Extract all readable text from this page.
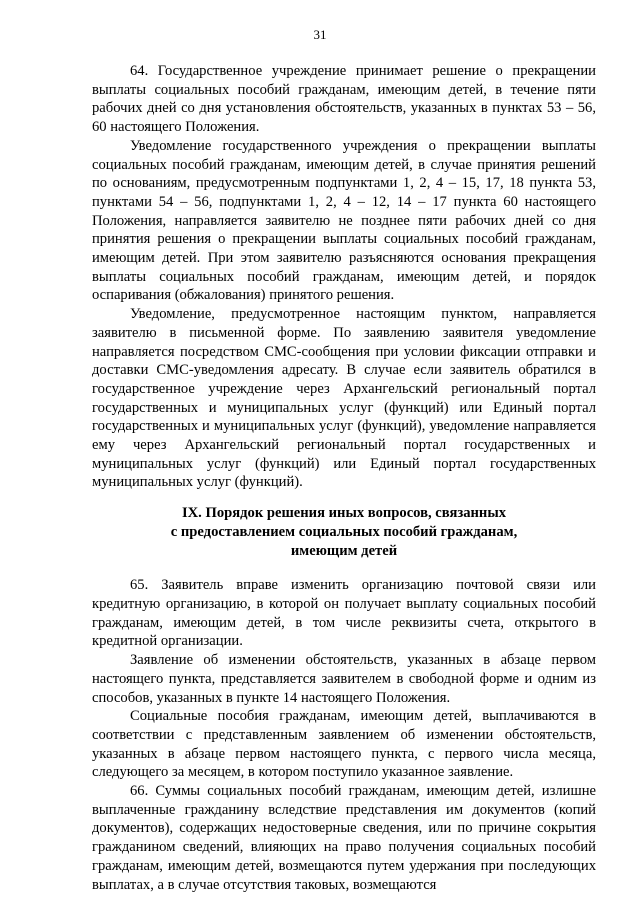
31

64. Государственное учреждение принимает решение о прекращении выплаты социальных пособий гражданам, имеющим детей, в течение пяти рабочих дней со дня установления обстоятельств, указанных в пунктах 53 – 56, 60 настоящего Положения.

Уведомление государственного учреждения о прекращении выплаты социальных пособий гражданам, имеющим детей, в случае принятия решений по основаниям, предусмотренным подпунктами 1, 2, 4 – 15, 17, 18 пункта 53, пунктами 54 – 56, подпунктами 1, 2, 4 – 12, 14 – 17 пункта 60 настоящего Положения, направляется заявителю не позднее пяти рабочих дней со дня принятия решения о прекращении выплаты социальных пособий гражданам, имеющим детей. При этом заявителю разъясняются основания прекращения выплаты социальных пособий гражданам, имеющим детей, и порядок оспаривания (обжалования) принятого решения.

Уведомление, предусмотренное настоящим пунктом, направляется заявителю в письменной форме. По заявлению заявителя уведомление направляется посредством СМС-сообщения при условии фиксации отправки и доставки СМС-уведомления адресату. В случае если заявитель обратился в государственное учреждение через Архангельский региональный портал государственных и муниципальных услуг (функций) или Единый портал государственных и муниципальных услуг (функций), уведомление направляется ему через Архангельский региональный портал государственных и муниципальных услуг (функций) или Единый портал государственных муниципальных услуг (функций).

IX. Порядок решения иных вопросов, связанных
с предоставлением социальных пособий гражданам,
имеющим детей

65. Заявитель вправе изменить организацию почтовой связи или кредитную организацию, в которой он получает выплату социальных пособий гражданам, имеющим детей, в том числе реквизиты счета, открытого в кредитной организации.

Заявление об изменении обстоятельств, указанных в абзаце первом настоящего пункта, представляется заявителем в свободной форме и одним из способов, указанных в пункте 14 настоящего Положения.

Социальные пособия гражданам, имеющим детей, выплачиваются в соответствии с представленным заявлением об изменении обстоятельств, указанных в абзаце первом настоящего пункта, с первого числа месяца, следующего за месяцем, в котором поступило указанное заявление.

66. Суммы социальных пособий гражданам, имеющим детей, излишне выплаченные гражданину вследствие представления им документов (копий документов), содержащих недостоверные сведения, или по причине сокрытия гражданином сведений, влияющих на право получения социальных пособий гражданам, имеющим детей, возмещаются путем удержания при последующих выплатах, а в случае отсутствия таковых, возмещаются
